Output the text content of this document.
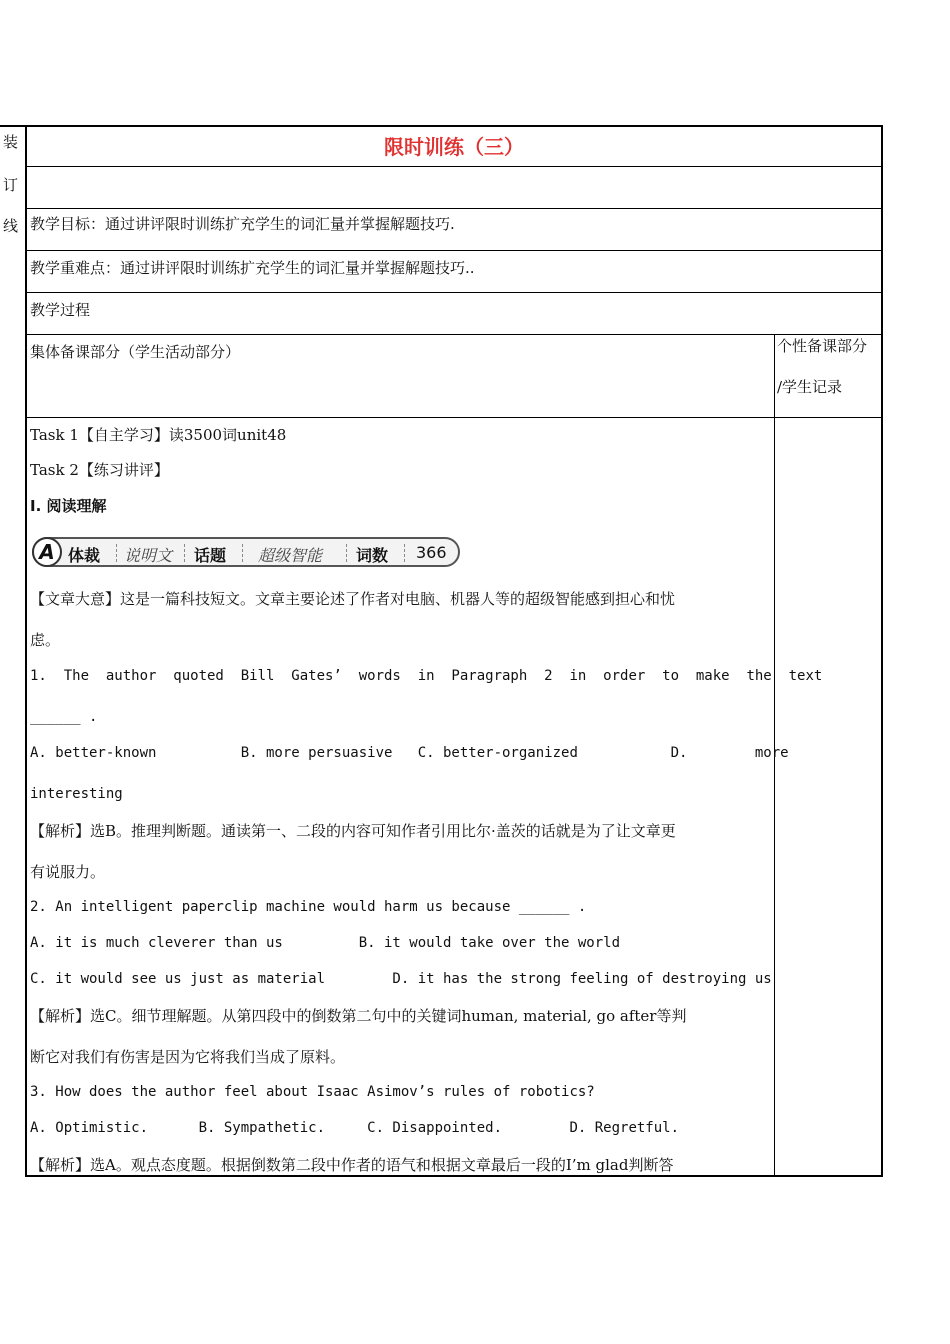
装
订
线
限时训练（三）
教学目标：通过讲评限时训练扩充学生的词汇量并掌握解题技巧.
教学重难点：通过讲评限时训练扩充学生的词汇量并掌握解题技巧..
教学过程
集体备课部分（学生活动部分）	个性备课部分
/学生记录
Task 1【自主学习】读3500词unit48
Task 2【练习讲评】
Ⅰ. 阅读理解
A 体裁 说明文 话题 超级智能 词数 366
【文章大意】这是一篇科技短文。文章主要论述了作者对电脑、机器人等的超级智能感到担心和忧
虑。
1.  The  author  quoted  Bill  Gates’  words  in  Paragraph  2  in  order  to  make  the  text
______ .
A. better-known          B. more persuasive   C. better-organized           D.        more
interesting
【解析】选B。推理判断题。通读第一、二段的内容可知作者引用比尔·盖茨的话就是为了让文章更
有说服力。
2. An intelligent paperclip machine would harm us because ______ .
A. it is much cleverer than us         B. it would take over the world
C. it would see us just as material        D. it has the strong feeling of destroying us
【解析】选C。细节理解题。从第四段中的倒数第二句中的关键词human, material, go after等判
断它对我们有伤害是因为它将我们当成了原料。
3. How does the author feel about Isaac Asimov’s rules of robotics?
A. Optimistic.      B. Sympathetic.     C. Disappointed.        D. Regretful.
【解析】选A。观点态度题。根据倒数第二段中作者的语气和根据文章最后一段的I’m glad判断答
